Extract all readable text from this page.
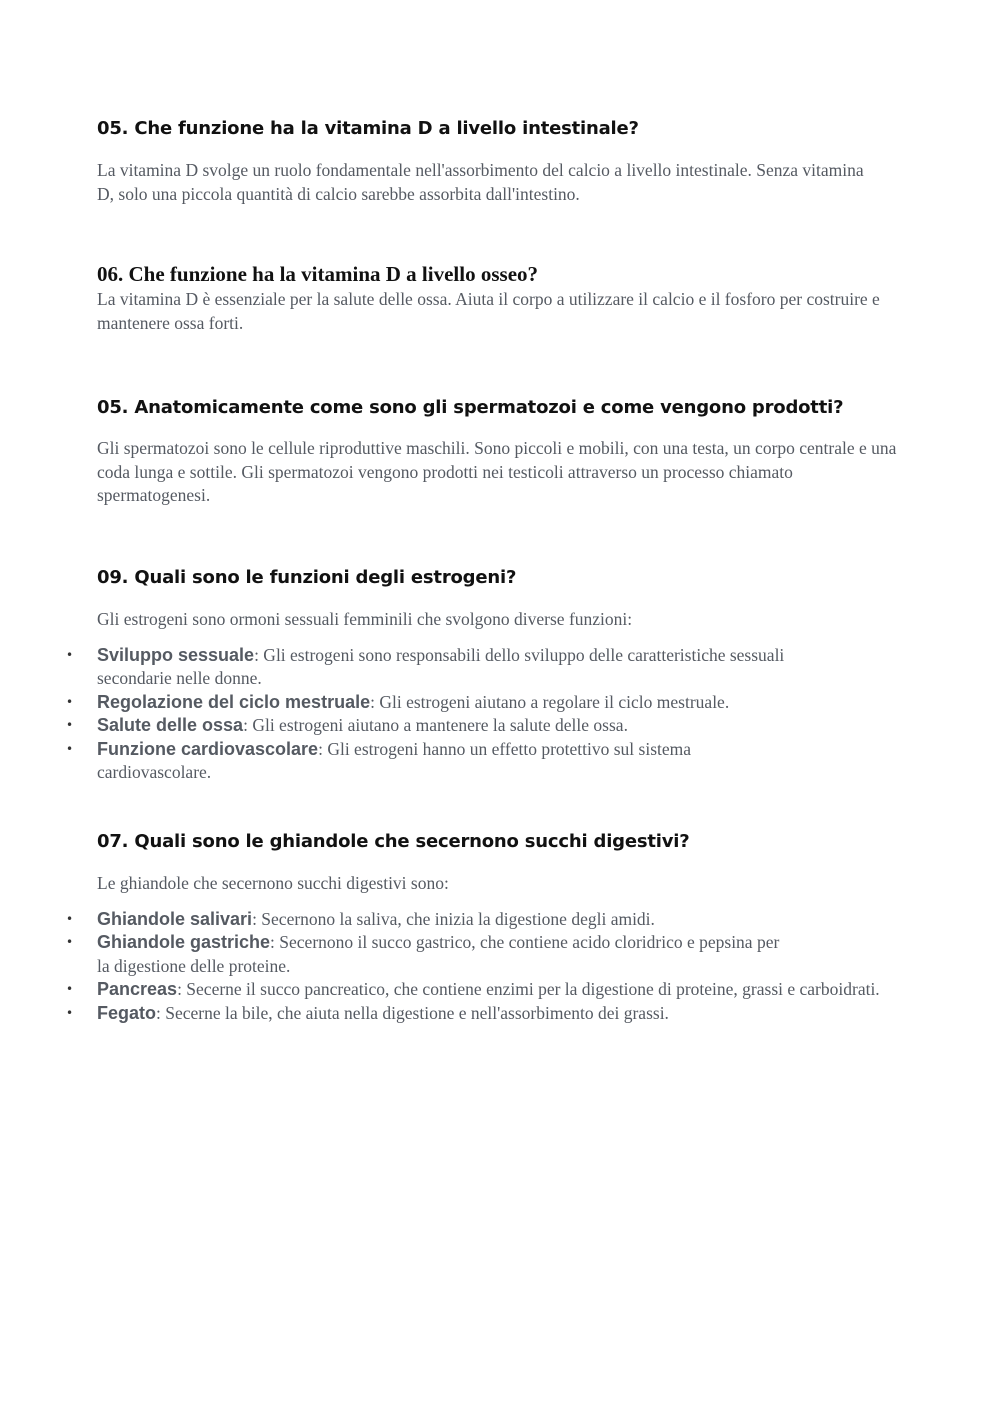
05. Che funzione ha la vitamina D a livello intestinale?

La vitamina D svolge un ruolo fondamentale nell'assorbimento del calcio a livello intestinale. Senza vitamina D, solo una piccola quantità di calcio sarebbe assorbita dall'intestino.

06. Che funzione ha la vitamina D a livello osseo?

La vitamina D è essenziale per la salute delle ossa. Aiuta il corpo a utilizzare il calcio e il fosforo per costruire e mantenere ossa forti.

05. Anatomicamente come sono gli spermatozoi e come vengono prodotti?

Gli spermatozoi sono le cellule riproduttive maschili. Sono piccoli e mobili, con una testa, un corpo centrale e una coda lunga e sottile. Gli spermatozoi vengono prodotti nei testicoli attraverso un processo chiamato spermatogenesi.

09. Quali sono le funzioni degli estrogeni?

Gli estrogeni sono ormoni sessuali femminili che svolgono diverse funzioni:

• Sviluppo sessuale: Gli estrogeni sono responsabili dello sviluppo delle caratteristiche sessuali secondarie nelle donne.
• Regolazione del ciclo mestruale: Gli estrogeni aiutano a regolare il ciclo mestruale.
• Salute delle ossa: Gli estrogeni aiutano a mantenere la salute delle ossa.
• Funzione cardiovascolare: Gli estrogeni hanno un effetto protettivo sul sistema cardiovascolare.
07. Quali sono le ghiandole che secernono succhi digestivi?

Le ghiandole che secernono succhi digestivi sono:

• Ghiandole salivari: Secernono la saliva, che inizia la digestione degli amidi.
• Ghiandole gastriche: Secernono il succo gastrico, che contiene acido cloridrico e pepsina per la digestione delle proteine.
• Pancreas: Secerne il succo pancreatico, che contiene enzimi per la digestione di proteine, grassi e carboidrati.
• Fegato: Secerne la bile, che aiuta nella digestione e nell'assorbimento dei grassi.
